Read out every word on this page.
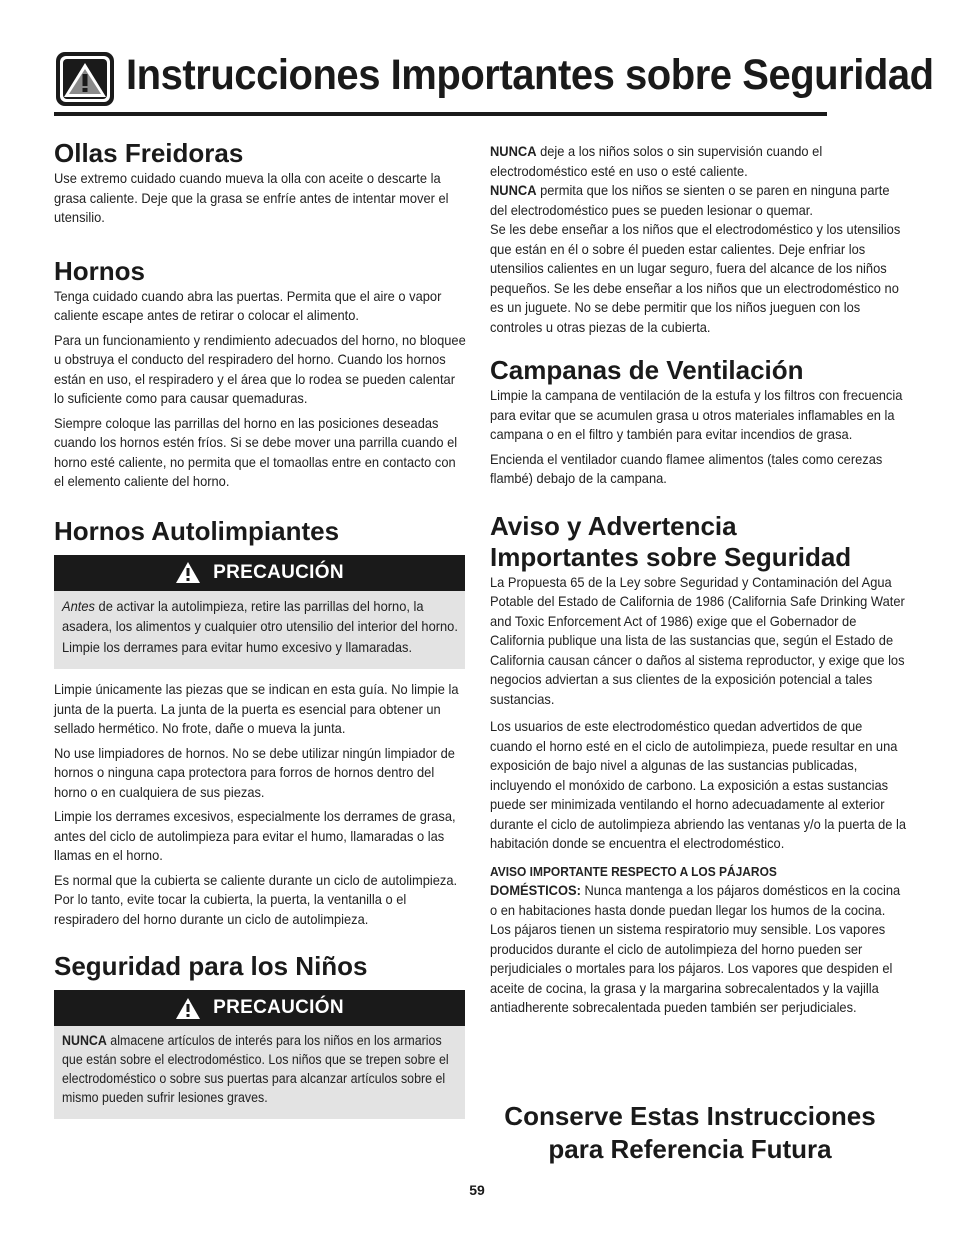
Instrucciones Importantes sobre Seguridad
Ollas Freidoras

Use extremo cuidado cuando mueva la olla con aceite o descarte la grasa caliente. Deje que la grasa se enfríe antes de intentar mover el utensilio.

Hornos

Tenga cuidado cuando abra las puertas. Permita que el aire o vapor caliente escape antes de retirar o colocar el alimento.

Para un funcionamiento y rendimiento adecuados del horno, no bloquee u obstruya el conducto del respiradero del horno. Cuando los hornos están en uso, el respiradero y el área que lo rodea se pueden calentar lo suficiente como para causar quemaduras.

Siempre coloque las parrillas del horno en las posiciones deseadas cuando los hornos estén fríos. Si se debe mover una parrilla cuando el horno esté caliente, no permita que el tomaollas entre en contacto con el elemento caliente del horno.

Hornos Autolimpiantes
PRECAUCIÓN

Antes de activar la autolimpieza, retire las parrillas del horno, la asadera, los alimentos y cualquier otro utensilio del interior del horno. Limpie los derrames para evitar humo excesivo y llamaradas.

Limpie únicamente las piezas que se indican en esta guía. No limpie la junta de la puerta. La junta de la puerta es esencial para obtener un sellado hermético. No frote, dañe o mueva la junta.

No use limpiadores de hornos. No se debe utilizar ningún limpiador de hornos o ninguna capa protectora para forros de hornos dentro del horno o en cualquiera de sus piezas.

Limpie los derrames excesivos, especialmente los derrames de grasa, antes del ciclo de autolimpieza para evitar el humo, llamaradas o las llamas en el horno.

Es normal que la cubierta se caliente durante un ciclo de autolimpieza. Por lo tanto, evite tocar la cubierta, la puerta, la ventanilla o el respiradero del horno durante un ciclo de autolimpieza.

Seguridad para los Niños
PRECAUCIÓN

NUNCA almacene artículos de interés para los niños en los armarios que están sobre el electrodoméstico. Los niños que se trepen sobre el electrodoméstico o sobre sus puertas para alcanzar artículos sobre el mismo pueden sufrir lesiones graves.

NUNCA deje a los niños solos o sin supervisión cuando el electrodoméstico esté en uso o esté caliente.

NUNCA permita que los niños se sienten o se paren en ninguna parte del electrodoméstico pues se pueden lesionar o quemar.

Se les debe enseñar a los niños que el electrodoméstico y los utensilios que están en él o sobre él pueden estar calientes. Deje enfriar los utensilios calientes en un lugar seguro, fuera del alcance de los niños pequeños. Se les debe enseñar a los niños que un electrodoméstico no es un juguete. No se debe permitir que los niños jueguen con los controles u otras piezas de la cubierta.

Campanas de Ventilación

Limpie la campana de ventilación de la estufa y los filtros con frecuencia para evitar que se acumulen grasa u otros materiales inflamables en la campana o en el filtro y también para evitar incendios de grasa.

Encienda el ventilador cuando flamee alimentos (tales como cerezas flambé) debajo de la campana.

Aviso y Advertencia
Importantes sobre Seguridad

La Propuesta 65 de la Ley sobre Seguridad y Contaminación del Agua Potable del Estado de California de 1986 (California Safe Drinking Water and Toxic Enforcement Act of 1986) exige que el Gobernador de California publique una lista de las sustancias que, según el Estado de California causan cáncer o daños al sistema reproductor, y exige que los negocios adviertan a sus clientes de la exposición potencial a tales sustancias.

Los usuarios de este electrodoméstico quedan advertidos de que cuando el horno esté en el ciclo de autolimpieza, puede resultar en una exposición de bajo nivel a algunas de las sustancias publicadas, incluyendo el monóxido de carbono. La exposición a estas sustancias puede ser minimizada ventilando el horno adecuadamente al exterior durante el ciclo de autolimpieza abriendo las ventanas y/o la puerta de la habitación donde se encuentra el electrodoméstico.

AVISO IMPORTANTE RESPECTO A LOS PÁJAROS
DOMÉSTICOS: Nunca mantenga a los pájaros domésticos en la cocina o en habitaciones hasta donde puedan llegar los humos de la cocina. Los pájaros tienen un sistema respiratorio muy sensible. Los vapores producidos durante el ciclo de autolimpieza del horno pueden ser perjudiciales o mortales para los pájaros. Los vapores que despiden el aceite de cocina, la grasa y la margarina sobrecalentados y la vajilla antiadherente sobrecalentada pueden también ser perjudiciales.

Conserve Estas Instrucciones
para Referencia Futura
59
